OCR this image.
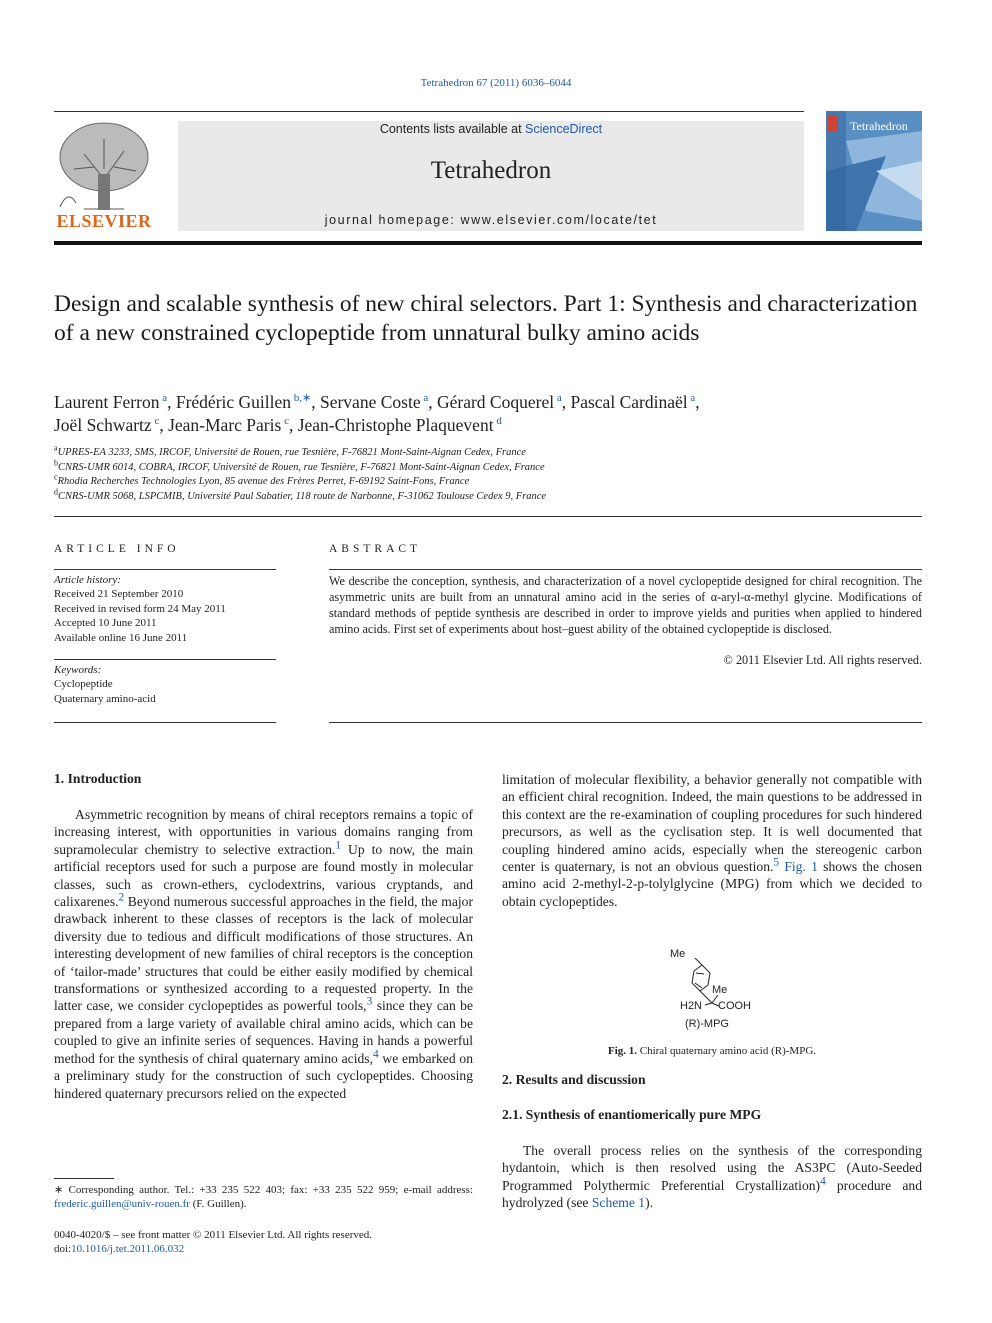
Tetrahedron 67 (2011) 6036–6044
ELSEVIER
Contents lists available at ScienceDirect
Tetrahedron
journal homepage: www.elsevier.com/locate/tet
Tetrahedron
Design and scalable synthesis of new chiral selectors. Part 1: Synthesis and characterization of a new constrained cyclopeptide from unnatural bulky amino acids
Laurent Ferron $^a$, Frédéric Guillen $^{b,∗}$, Servane Coste $^a$, Gérard Coquerel $^a$, Pascal Cardinaël $^a$,
Joël Schwartz $^c$, Jean-Marc Paris $^c$, Jean-Christophe Plaquevent $^d$
$^a$UPRES-EA 3233, SMS, IRCOF, Université de Rouen, rue Tesnière, F-76821 Mont-Saint-Aignan Cedex, France
$^b$CNRS-UMR 6014, COBRA, IRCOF, Université de Rouen, rue Tesnière, F-76821 Mont-Saint-Aignan Cedex, France
$^c$Rhodia Recherches Technologies Lyon, 85 avenue des Frères Perret, F-69192 Saint-Fons, France
$^d$CNRS-UMR 5068, LSPCMIB, Université Paul Sabatier, 118 route de Narbonne, F-31062 Toulouse Cedex 9, France
ARTICLE INFO
Article history:
Received 21 September 2010
Received in revised form 24 May 2011
Accepted 10 June 2011
Available online 16 June 2011
Keywords:
Cyclopeptide
Quaternary amino-acid
ABSTRACT
We describe the conception, synthesis, and characterization of a novel cyclopeptide designed for chiral recognition. The asymmetric units are built from an unnatural amino acid in the series of α-aryl-α-methyl glycine. Modifications of standard methods of peptide synthesis are described in order to improve yields and purities when applied to hindered amino acids. First set of experiments about host–guest ability of the obtained cyclopeptide is disclosed.
© 2011 Elsevier Ltd. All rights reserved.
1. Introduction
Asymmetric recognition by means of chiral receptors remains a topic of increasing interest, with opportunities in various domains ranging from supramolecular chemistry to selective extraction.$^1$ Up to now, the main artificial receptors used for such a purpose are found mostly in molecular classes, such as crown-ethers, cyclodextrins, various cryptands, and calixarenes.$^2$ Beyond numerous successful approaches in the field, the major drawback inherent to these classes of receptors is the lack of molecular diversity due to tedious and difficult modifications of those structures. An interesting development of new families of chiral receptors is the conception of ‘tailor-made’ structures that could be either easily modified by chemical transformations or synthesized according to a requested property. In the latter case, we consider cyclopeptides as powerful tools,$^3$ since they can be prepared from a large variety of available chiral amino acids, which can be coupled to give an infinite series of sequences. Having in hands a powerful method for the synthesis of chiral quaternary amino acids,$^4$ we embarked on a preliminary study for the construction of such cyclopeptides. Choosing hindered quaternary precursors relied on the expected
limitation of molecular flexibility, a behavior generally not compatible with an efficient chiral recognition. Indeed, the main questions to be addressed in this context are the re-examination of coupling procedures for such hindered precursors, as well as the cyclisation step. It is well documented that coupling hindered amino acids, especially when the stereogenic carbon center is quaternary, is not an obvious question.$^5$ Fig. 1 shows the chosen amino acid 2-methyl-2-p-tolylglycine (MPG) from which we decided to obtain cyclopeptides.
Me
Me
H2N COOH
(R)-MPG
Fig. 1. Chiral quaternary amino acid (R)-MPG.
2. Results and discussion
2.1. Synthesis of enantiomerically pure MPG
The overall process relies on the synthesis of the corresponding hydantoin, which is then resolved using the AS3PC (Auto-Seeded Programmed Polythermic Preferential Crystallization)$^4$ procedure and hydrolyzed (see Scheme 1).
∗ Corresponding author. Tel.: +33 235 522 403; fax: +33 235 522 959; e-mail address: frederic.guillen@univ-rouen.fr (F. Guillen).
0040-4020/$ – see front matter © 2011 Elsevier Ltd. All rights reserved.
doi:10.1016/j.tet.2011.06.032
